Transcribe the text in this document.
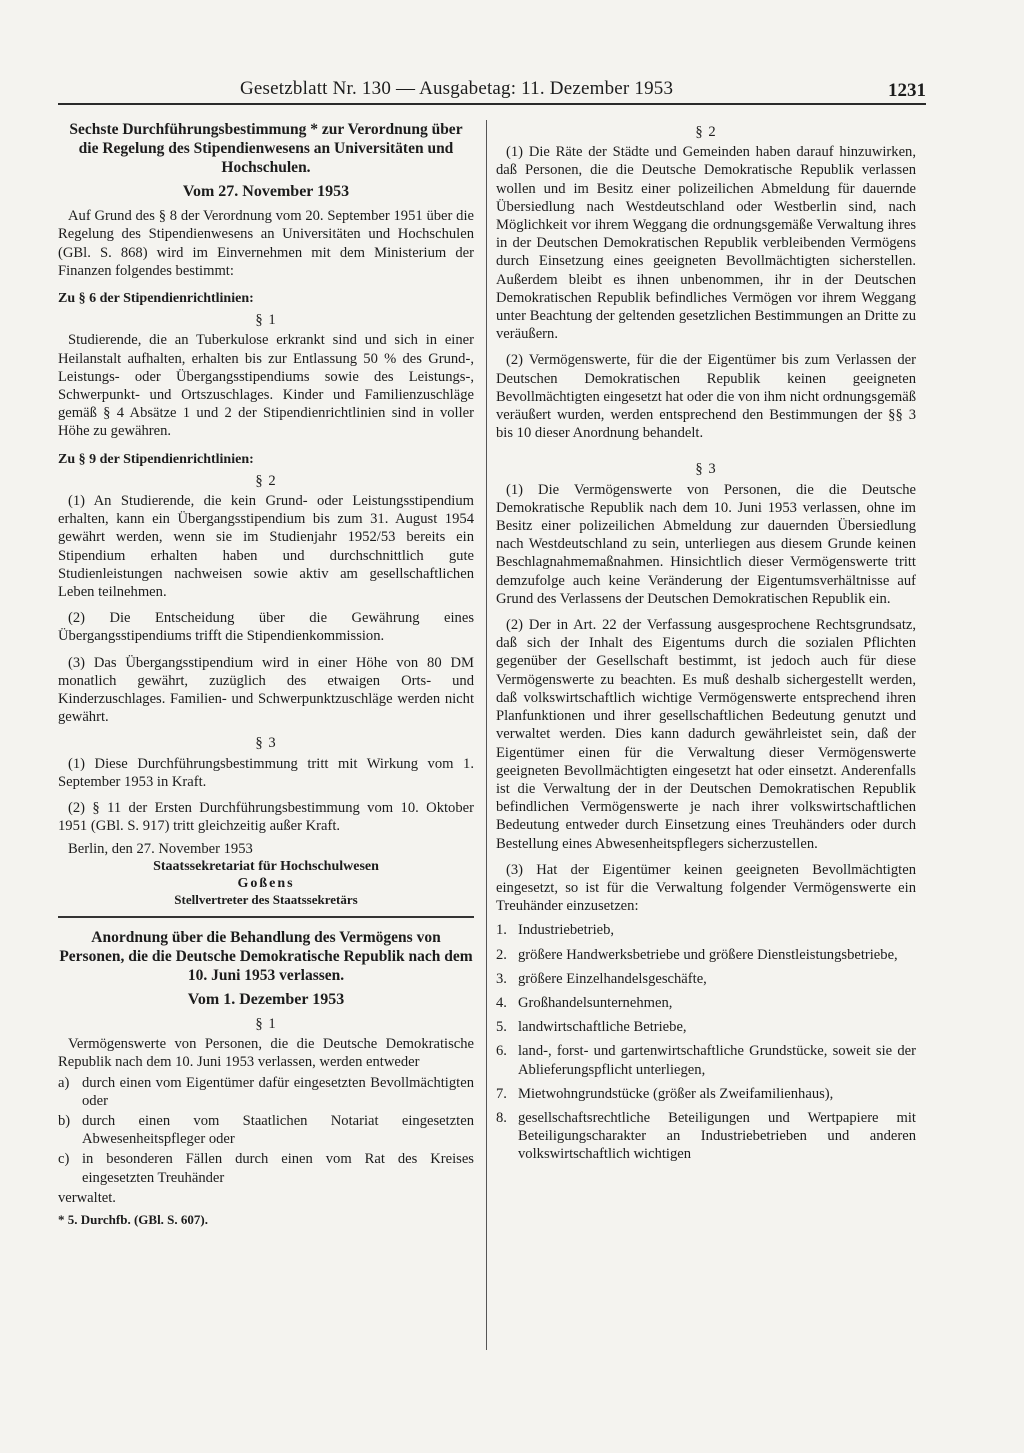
Gesetzblatt Nr. 130 — Ausgabetag: 11. Dezember 1953	1231

Sechste Durchführungsbestimmung * zur Verordnung über die Regelung des Stipendienwesens an Universitäten und Hochschulen.

Vom 27. November 1953

Auf Grund des § 8 der Verordnung vom 20. September 1951 über die Regelung des Stipendienwesens an Universitäten und Hochschulen (GBl. S. 868) wird im Einvernehmen mit dem Ministerium der Finanzen folgendes bestimmt:

Zu § 6 der Stipendienrichtlinien:
§ 1

Studierende, die an Tuberkulose erkrankt sind und sich in einer Heilanstalt aufhalten, erhalten bis zur Entlassung 50 % des Grund-, Leistungs- oder Übergangsstipendiums sowie des Leistungs-, Schwerpunkt- und Ortszuschlages. Kinder und Familienzuschläge gemäß § 4 Absätze 1 und 2 der Stipendienrichtlinien sind in voller Höhe zu gewähren.

Zu § 9 der Stipendienrichtlinien:
§ 2

(1) An Studierende, die kein Grund- oder Leistungsstipendium erhalten, kann ein Übergangsstipendium bis zum 31. August 1954 gewährt werden, wenn sie im Studienjahr 1952/53 bereits ein Stipendium erhalten haben und durchschnittlich gute Studienleistungen nachweisen sowie aktiv am gesellschaftlichen Leben teilnehmen.

(2) Die Entscheidung über die Gewährung eines Übergangsstipendiums trifft die Stipendienkommission.

(3) Das Übergangsstipendium wird in einer Höhe von 80 DM monatlich gewährt, zuzüglich des etwaigen Orts- und Kinderzuschlages. Familien- und Schwerpunktzuschläge werden nicht gewährt.

§ 3

(1) Diese Durchführungsbestimmung tritt mit Wirkung vom 1. September 1953 in Kraft.

(2) § 11 der Ersten Durchführungsbestimmung vom 10. Oktober 1951 (GBl. S. 917) tritt gleichzeitig außer Kraft.

Berlin, den 27. November 1953

Staatssekretariat für Hochschulwesen
Goßens
Stellvertreter des Staatssekretärs

Anordnung über die Behandlung des Vermögens von Personen, die die Deutsche Demokratische Republik nach dem 10. Juni 1953 verlassen.

Vom 1. Dezember 1953
§ 1

Vermögenswerte von Personen, die die Deutsche Demokratische Republik nach dem 10. Juni 1953 verlassen, werden entweder

a) durch einen vom Eigentümer dafür eingesetzten Bevollmächtigten oder
b) durch einen vom Staatlichen Notariat eingesetzten Abwesenheitspfleger oder
c) in besonderen Fällen durch einen vom Rat des Kreises eingesetzten Treuhänder

verwaltet.

* 5. Durchfb. (GBl. S. 607).
§ 2

(1) Die Räte der Städte und Gemeinden haben darauf hinzuwirken, daß Personen, die die Deutsche Demokratische Republik verlassen wollen und im Besitz einer polizeilichen Abmeldung für dauernde Übersiedlung nach Westdeutschland oder Westberlin sind, nach Möglichkeit vor ihrem Weggang die ordnungsgemäße Verwaltung ihres in der Deutschen Demokratischen Republik verbleibenden Vermögens durch Einsetzung eines geeigneten Bevollmächtigten sicherstellen. Außerdem bleibt es ihnen unbenommen, ihr in der Deutschen Demokratischen Republik befindliches Vermögen vor ihrem Weggang unter Beachtung der geltenden gesetzlichen Bestimmungen an Dritte zu veräußern.

(2) Vermögenswerte, für die der Eigentümer bis zum Verlassen der Deutschen Demokratischen Republik keinen geeigneten Bevollmächtigten eingesetzt hat oder die von ihm nicht ordnungsgemäß veräußert wurden, werden entsprechend den Bestimmungen der §§ 3 bis 10 dieser Anordnung behandelt.

§ 3

(1) Die Vermögenswerte von Personen, die die Deutsche Demokratische Republik nach dem 10. Juni 1953 verlassen, ohne im Besitz einer polizeilichen Abmeldung zur dauernden Übersiedlung nach Westdeutschland zu sein, unterliegen aus diesem Grunde keinen Beschlagnahmemaßnahmen. Hinsichtlich dieser Vermögenswerte tritt demzufolge auch keine Veränderung der Eigentumsverhältnisse auf Grund des Verlassens der Deutschen Demokratischen Republik ein.

(2) Der in Art. 22 der Verfassung ausgesprochene Rechtsgrundsatz, daß sich der Inhalt des Eigentums durch die sozialen Pflichten gegenüber der Gesellschaft bestimmt, ist jedoch auch für diese Vermögenswerte zu beachten. Es muß deshalb sichergestellt werden, daß volkswirtschaftlich wichtige Vermögenswerte entsprechend ihren Planfunktionen und ihrer gesellschaftlichen Bedeutung genutzt und verwaltet werden. Dies kann dadurch gewährleistet sein, daß der Eigentümer einen für die Verwaltung dieser Vermögenswerte geeigneten Bevollmächtigten eingesetzt hat oder einsetzt. Anderenfalls ist die Verwaltung der in der Deutschen Demokratischen Republik befindlichen Vermögenswerte je nach ihrer volkswirtschaftlichen Bedeutung entweder durch Einsetzung eines Treuhänders oder durch Bestellung eines Abwesenheitspflegers sicherzustellen.

(3) Hat der Eigentümer keinen geeigneten Bevollmächtigten eingesetzt, so ist für die Verwaltung folgender Vermögenswerte ein Treuhänder einzusetzen:

1. Industriebetrieb,
2. größere Handwerksbetriebe und größere Dienstleistungsbetriebe,
3. größere Einzelhandelsgeschäfte,
4. Großhandelsunternehmen,
5. landwirtschaftliche Betriebe,
6. land-, forst- und gartenwirtschaftliche Grundstücke, soweit sie der Ablieferungspflicht unterliegen,
7. Mietwohngrundstücke (größer als Zweifamilienhaus),
8. gesellschaftsrechtliche Beteiligungen und Wertpapiere mit Beteiligungscharakter an Industriebetrieben und anderen volkswirtschaftlich wichtigen
